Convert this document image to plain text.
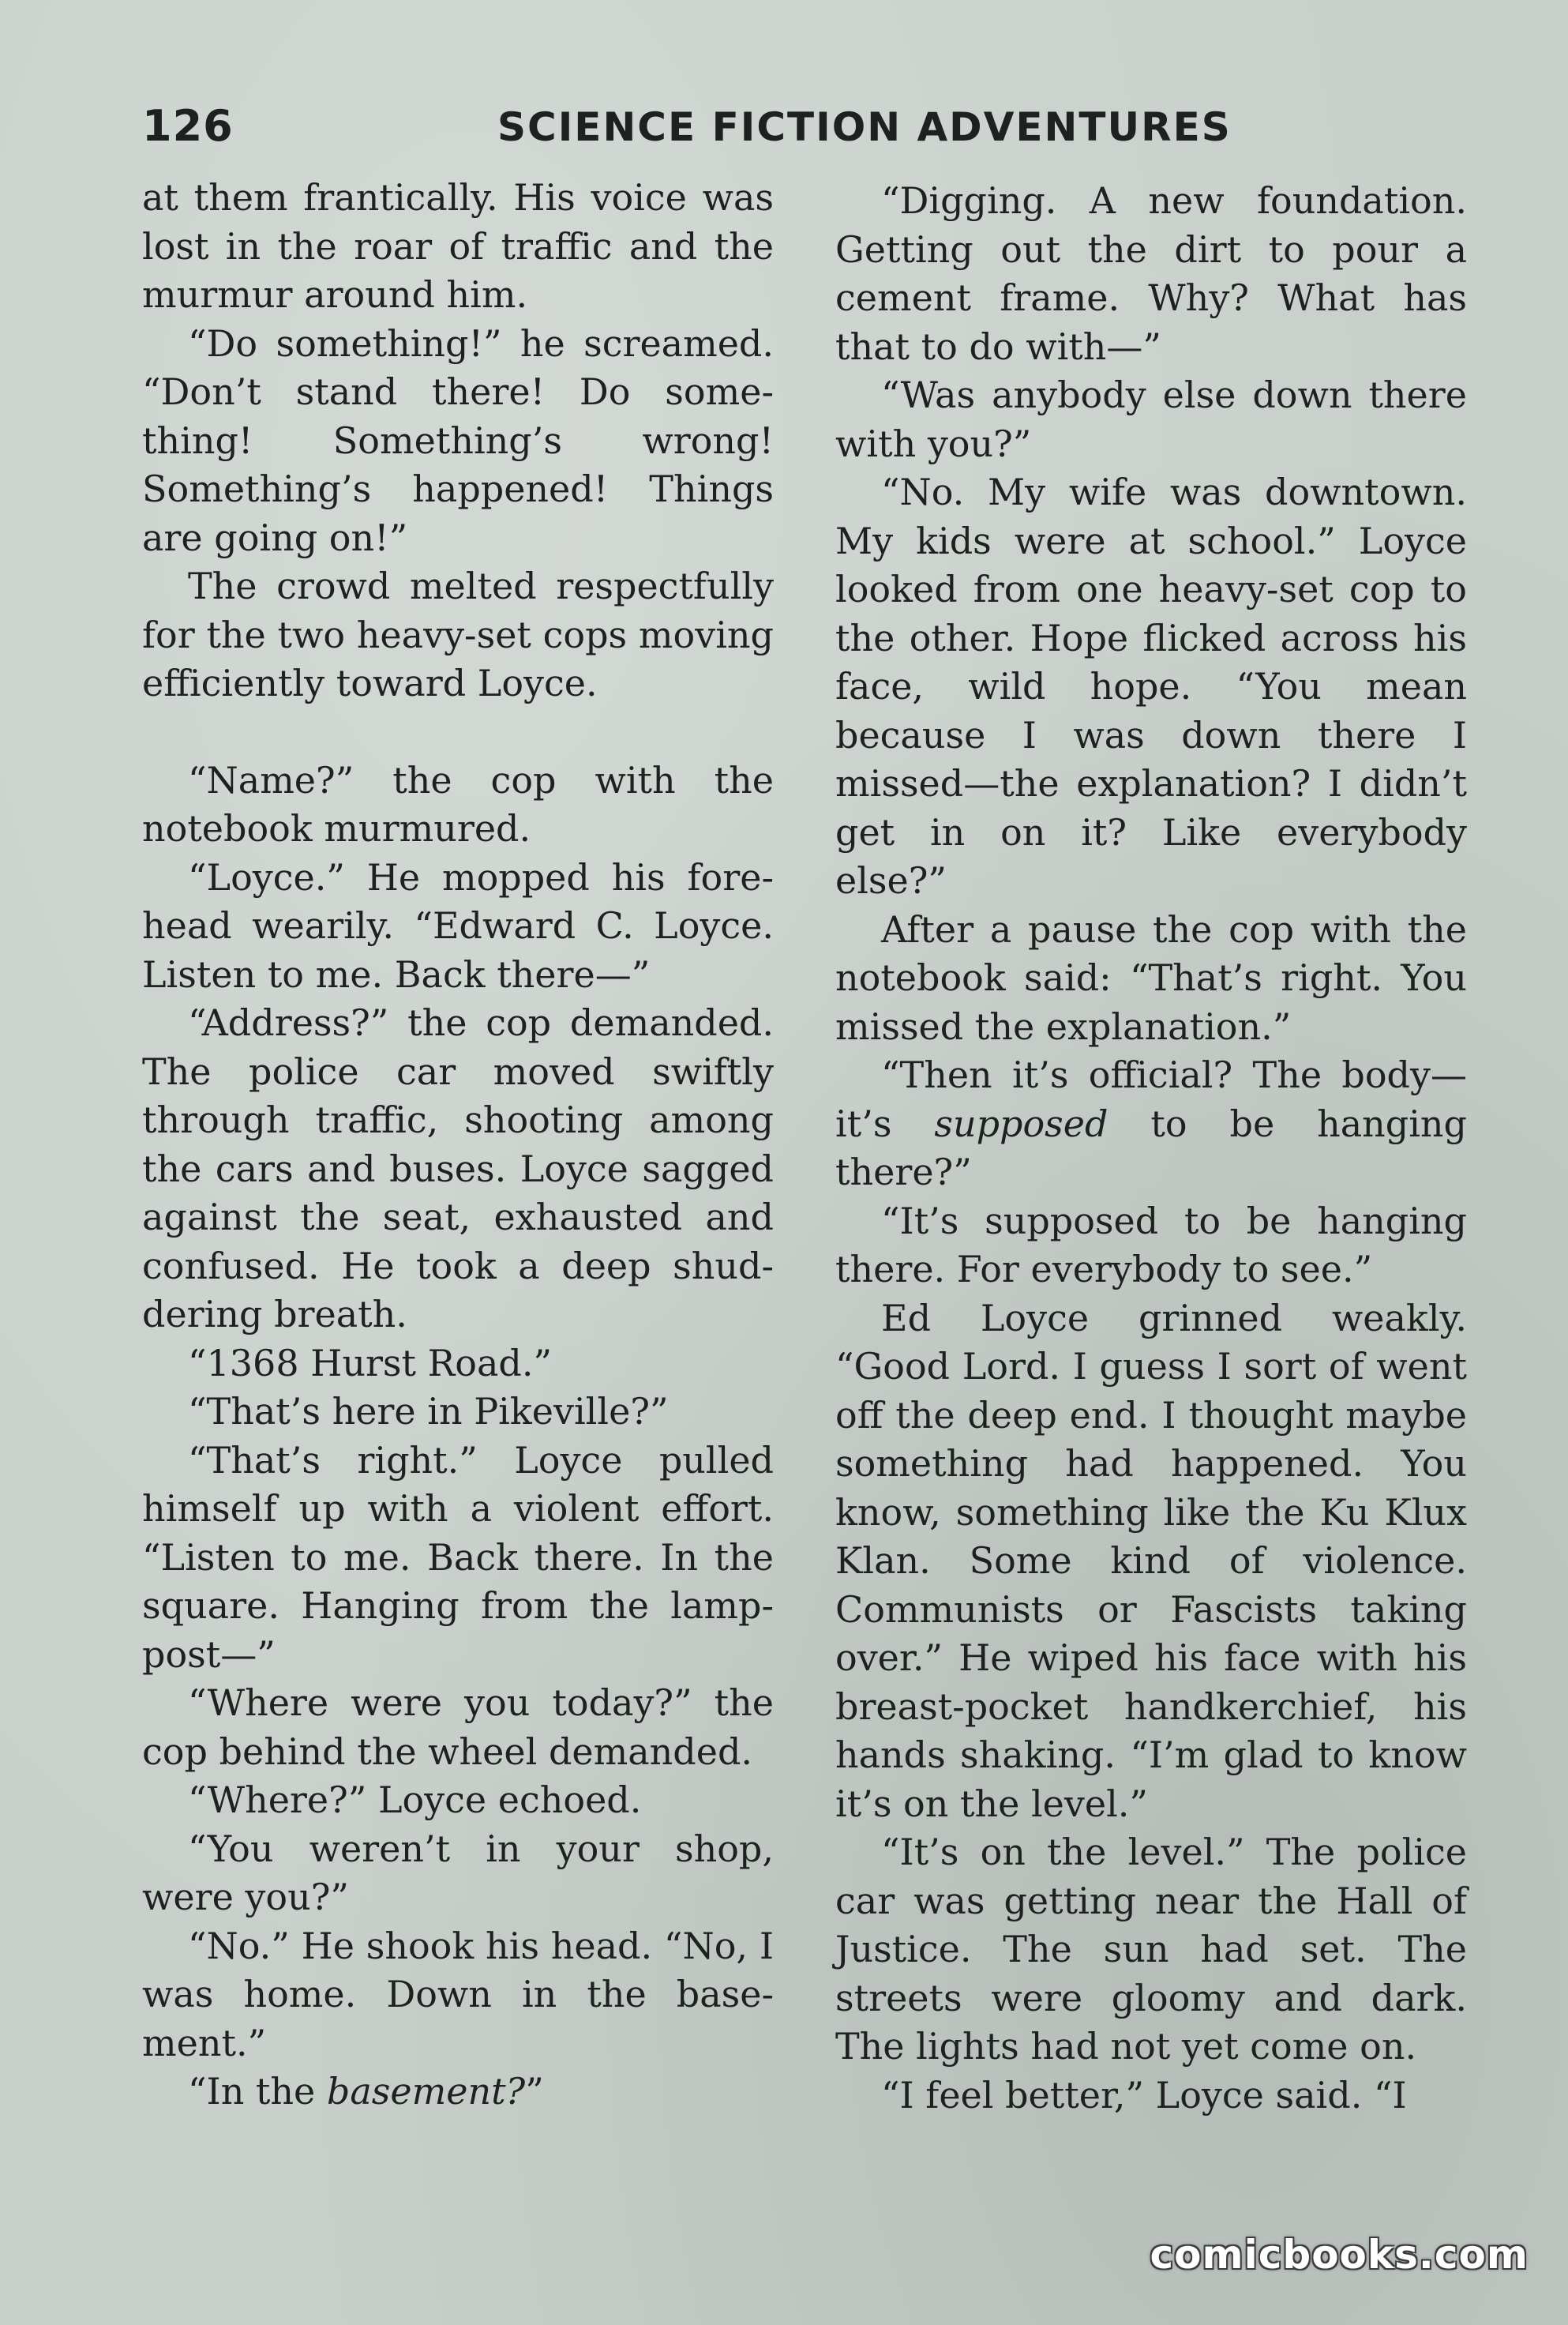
126	SCIENCE FICTION ADVENTURES

at them frantically. His voice was lost in the roar of traffic and the murmur around him.

“Do something!” he screamed. “Don’t stand there! Do something! Something’s wrong! Something’s happened! Things are going on!”

The crowd melted respectfully for the two heavy-set cops moving efficiently toward Loyce.

“Name?” the cop with the notebook murmured.

“Loyce.” He mopped his forehead wearily. “Edward C. Loyce. Listen to me. Back there—”

“Address?” the cop demanded. The police car moved swiftly through traffic, shooting among the cars and buses. Loyce sagged against the seat, exhausted and confused. He took a deep shuddering breath.

“1368 Hurst Road.”

“That’s here in Pikeville?”

“That’s right.” Loyce pulled himself up with a violent effort. “Listen to me. Back there. In the square. Hanging from the lamppost—”

“Where were you today?” the cop behind the wheel demanded.

“Where?” Loyce echoed.

“You weren’t in your shop, were you?”

“No.” He shook his head. “No, I was home. Down in the basement.”

“In the basement?”

“Digging. A new foundation. Getting out the dirt to pour a cement frame. Why? What has that to do with—”

“Was anybody else down there with you?”

“No. My wife was downtown. My kids were at school.” Loyce looked from one heavy-set cop to the other. Hope flicked across his face, wild hope. “You mean because I was down there I missed—the explanation? I didn’t get in on it? Like everybody else?”

After a pause the cop with the notebook said: “That’s right. You missed the explanation.”

“Then it’s official? The body—it’s supposed to be hanging there?”

“It’s supposed to be hanging there. For everybody to see.”

Ed Loyce grinned weakly. “Good Lord. I guess I sort of went off the deep end. I thought maybe something had happened. You know, something like the Ku Klux Klan. Some kind of violence. Communists or Fascists taking over.” He wiped his face with his breast-pocket handkerchief, his hands shaking. “I’m glad to know it’s on the level.”

“It’s on the level.” The police car was getting near the Hall of Justice. The sun had set. The streets were gloomy and dark. The lights had not yet come on.

“I feel better,” Loyce said. “I

comicbooks.com
